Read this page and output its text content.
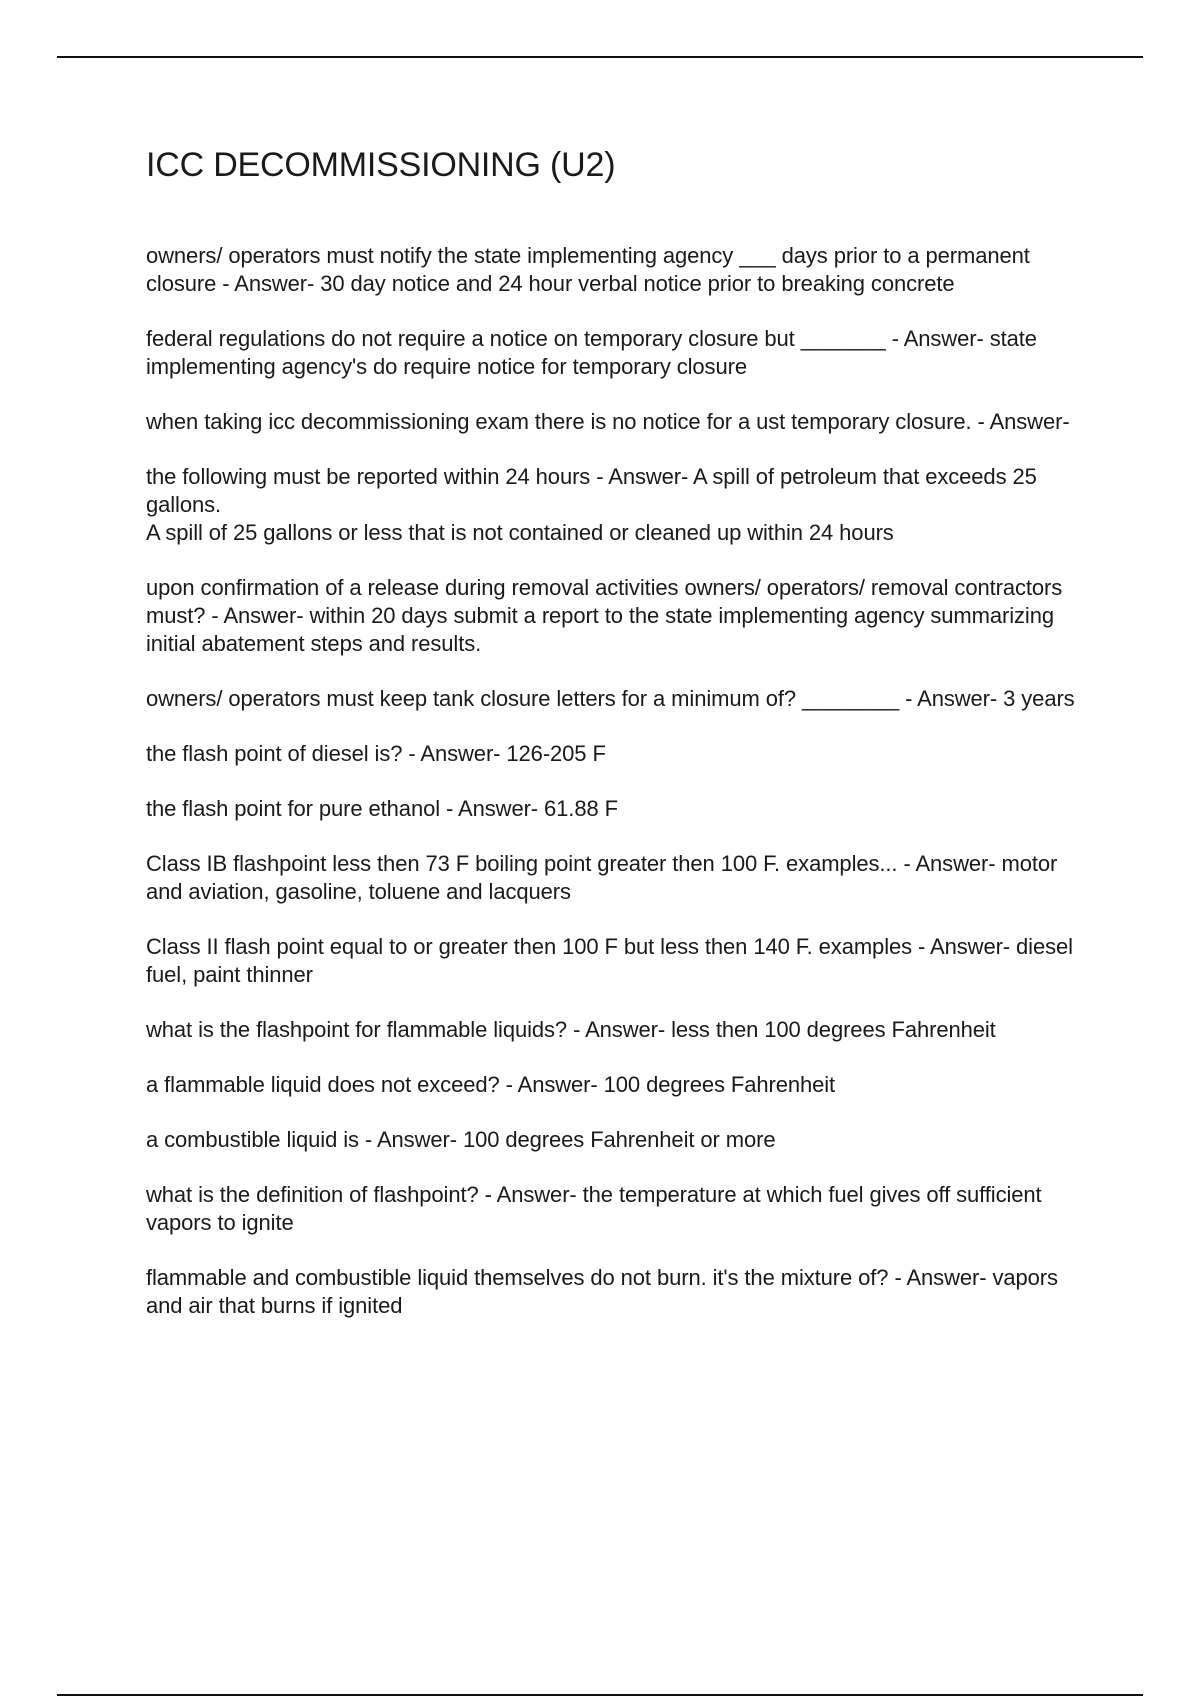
ICC DECOMMISSIONING (U2)

owners/ operators must notify the state implementing agency ___ days prior to a permanent closure - Answer- 30 day notice and 24 hour verbal notice prior to breaking concrete

federal regulations do not require a notice on temporary closure but _______ - Answer- state implementing agency's do require notice for temporary closure

when taking icc decommissioning exam there is no notice for a ust temporary closure. - Answer-

the following must be reported within 24 hours - Answer- A spill of petroleum that exceeds 25 gallons.
A spill of 25 gallons or less that is not contained or cleaned up within 24 hours

upon confirmation of a release during removal activities owners/ operators/ removal contractors must? - Answer- within 20 days submit a report to the state implementing agency summarizing initial abatement steps and results.

owners/ operators must keep tank closure letters for a minimum of? ________ - Answer- 3 years

the flash point of diesel is? - Answer- 126-205 F

the flash point for pure ethanol - Answer- 61.88 F

Class IB flashpoint less then 73 F boiling point greater then 100 F. examples... - Answer- motor and aviation, gasoline, toluene and lacquers

Class II flash point equal to or greater then 100 F but less then 140 F. examples - Answer- diesel fuel, paint thinner

what is the flashpoint for flammable liquids? - Answer- less then 100 degrees Fahrenheit

a flammable liquid does not exceed? - Answer- 100 degrees Fahrenheit

a combustible liquid is - Answer- 100 degrees Fahrenheit or more

what is the definition of flashpoint? - Answer- the temperature at which fuel gives off sufficient vapors to ignite

flammable and combustible liquid themselves do not burn. it's the mixture of? - Answer- vapors and air that burns if ignited
